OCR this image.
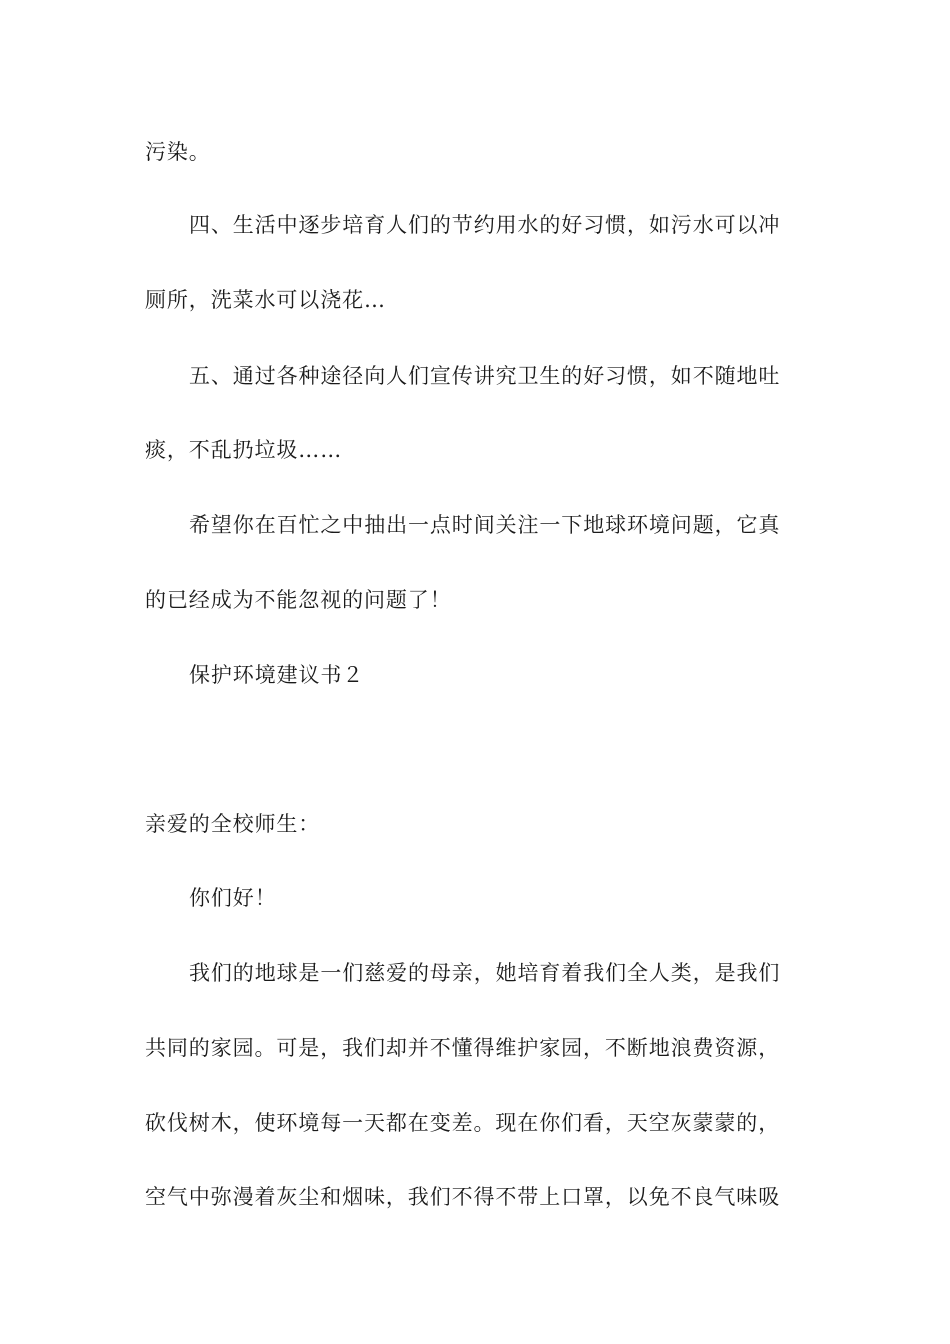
污染。
四、生活中逐步培育人们的节约用水的好习惯，如污水可以冲
厕所，洗菜水可以浇花…
五、通过各种途径向人们宣传讲究卫生的好习惯，如不随地吐
痰，不乱扔垃圾……
希望你在百忙之中抽出一点时间关注一下地球环境问题，它真
的已经成为不能忽视的问题了！
保护环境建议书２
亲爱的全校师生：
你们好！
我们的地球是一们慈爱的母亲，她培育着我们全人类，是我们
共同的家园。可是，我们却并不懂得维护家园，不断地浪费资源，
砍伐树木，使环境每一天都在变差。现在你们看，天空灰蒙蒙的，
空气中弥漫着灰尘和烟味，我们不得不带上口罩，以免不良气味吸
